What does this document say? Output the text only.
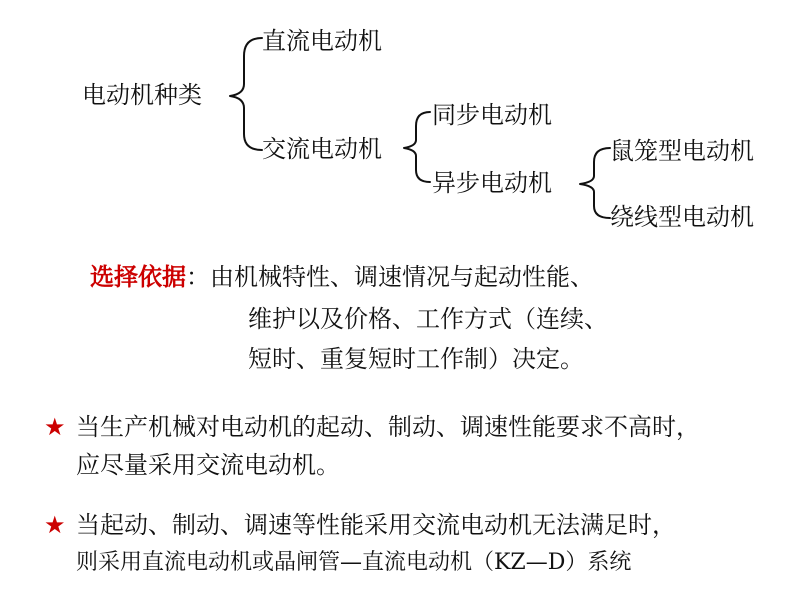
电动机种类
直流电动机
交流电动机
同步电动机
异步电动机
鼠笼型电动机
绕线型电动机
选择依据：由机械特性、调速情况与起动性能、
维护以及价格、工作方式（连续、
短时、重复短时工作制）决定。
★ 当生产机械对电动机的起动、制动、调速性能要求不高时，
应尽量采用交流电动机。
★ 当起动、制动、调速等性能采用交流电动机无法满足时，
则采用直流电动机或晶闸管—直流电动机（KZ—D）系统
